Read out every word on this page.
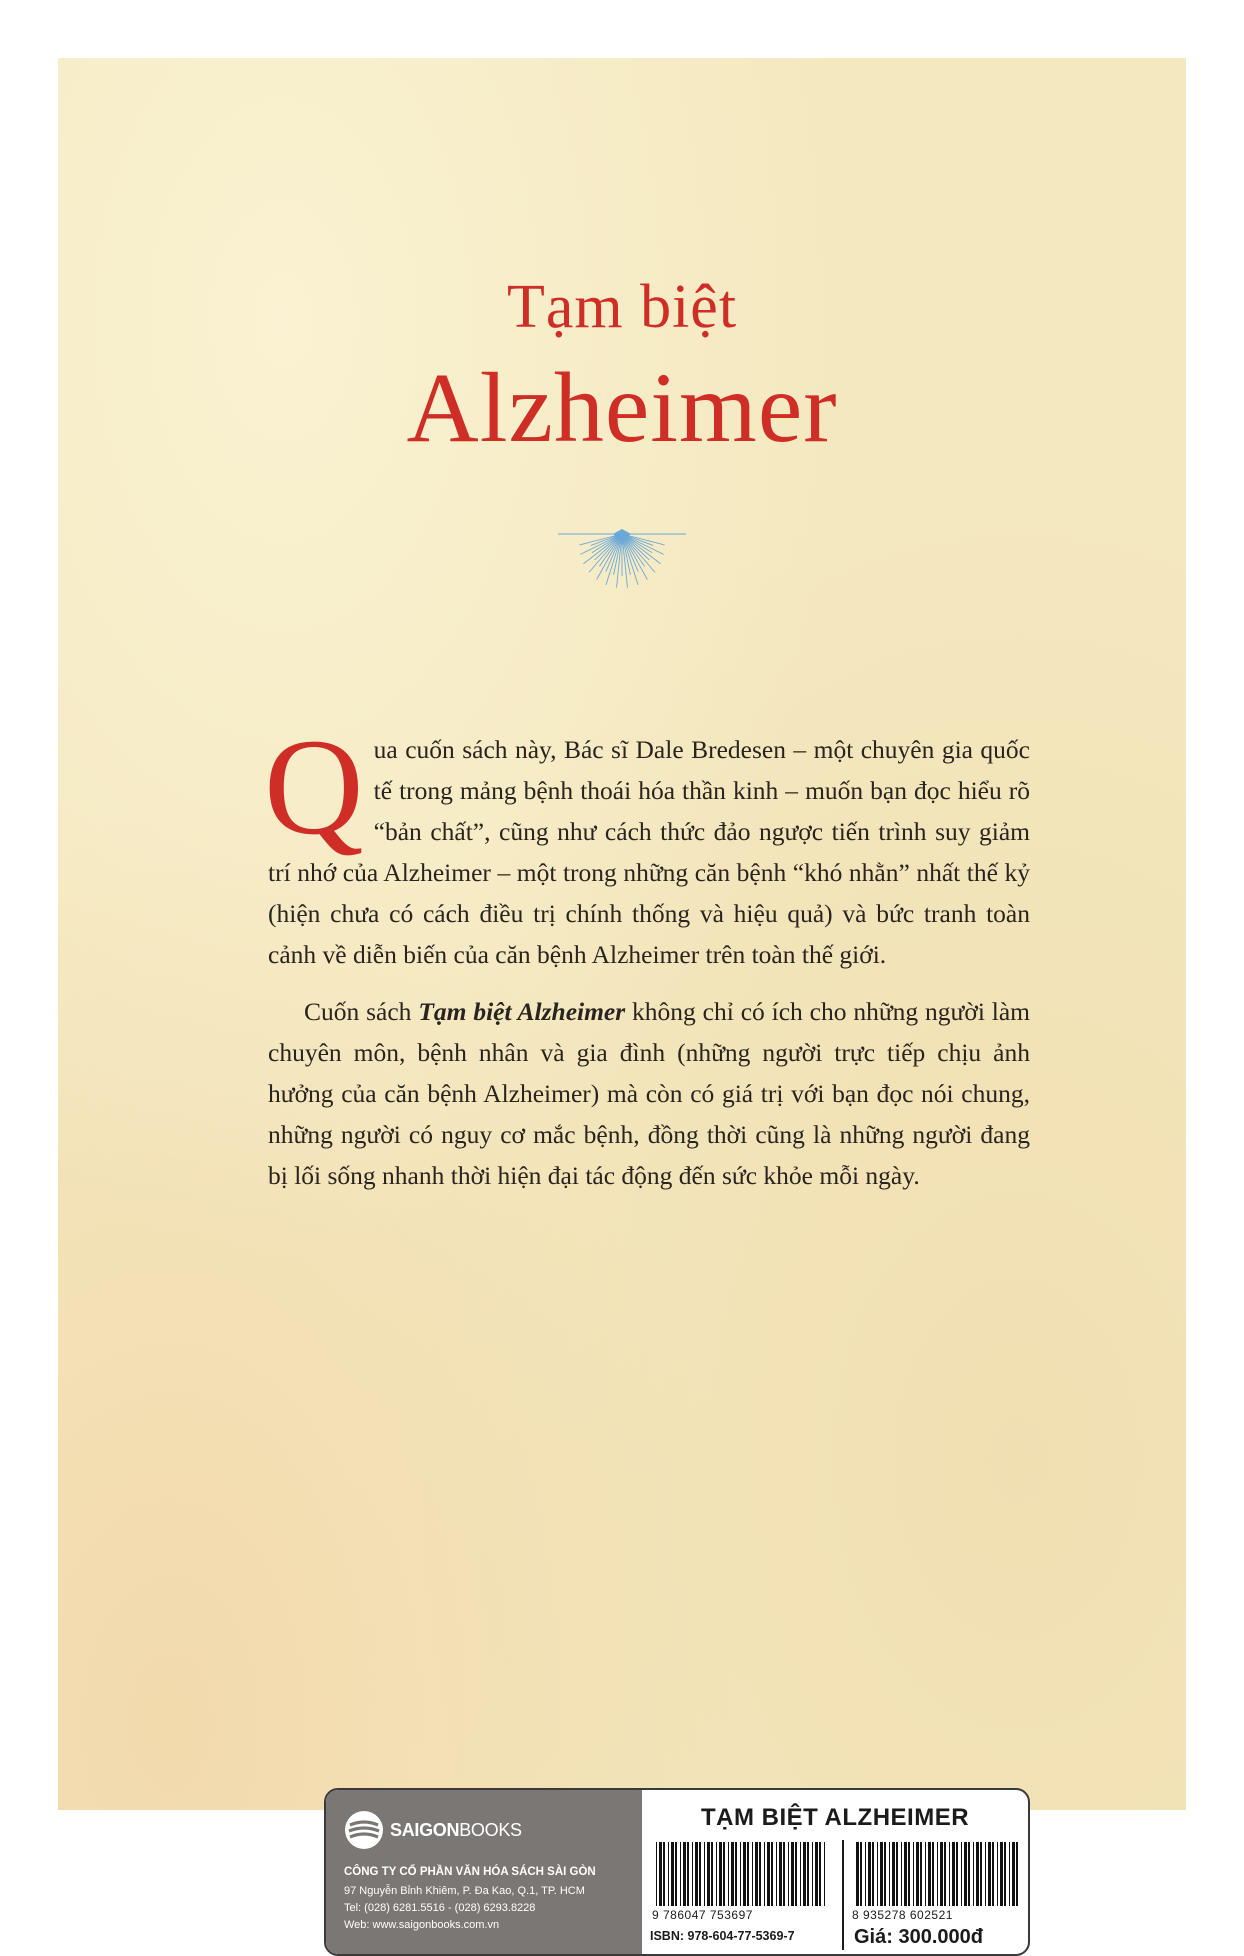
Tạm biệt
Alzheimer

Qua cuốn sách này, Bác sĩ Dale Bredesen – một chuyên gia quốc tế trong mảng bệnh thoái hóa thần kinh – muốn bạn đọc hiểu rõ “bản chất”, cũng như cách thức đảo ngược tiến trình suy giảm trí nhớ của Alzheimer – một trong những căn bệnh “khó nhằn” nhất thế kỷ (hiện chưa có cách điều trị chính thống và hiệu quả) và bức tranh toàn cảnh về diễn biến của căn bệnh Alzheimer trên toàn thế giới.

Cuốn sách Tạm biệt Alzheimer không chỉ có ích cho những người làm chuyên môn, bệnh nhân và gia đình (những người trực tiếp chịu ảnh hưởng của căn bệnh Alzheimer) mà còn có giá trị với bạn đọc nói chung, những người có nguy cơ mắc bệnh, đồng thời cũng là những người đang bị lối sống nhanh thời hiện đại tác động đến sức khỏe mỗi ngày.

SAIGONBOOKS
CÔNG TY CỔ PHẦN VĂN HÓA SÁCH SÀI GÒN
97 Nguyễn Bỉnh Khiêm, P. Đa Kao, Q.1, TP. HCM
Tel: (028) 6281.5516 - (028) 6293.8228
Web: www.saigonbooks.com.vn
TẠM BIỆT ALZHEIMER
9 786047 753697	8 935278 602521
ISBN: 978-604-77-5369-7	Giá: 300.000đ
